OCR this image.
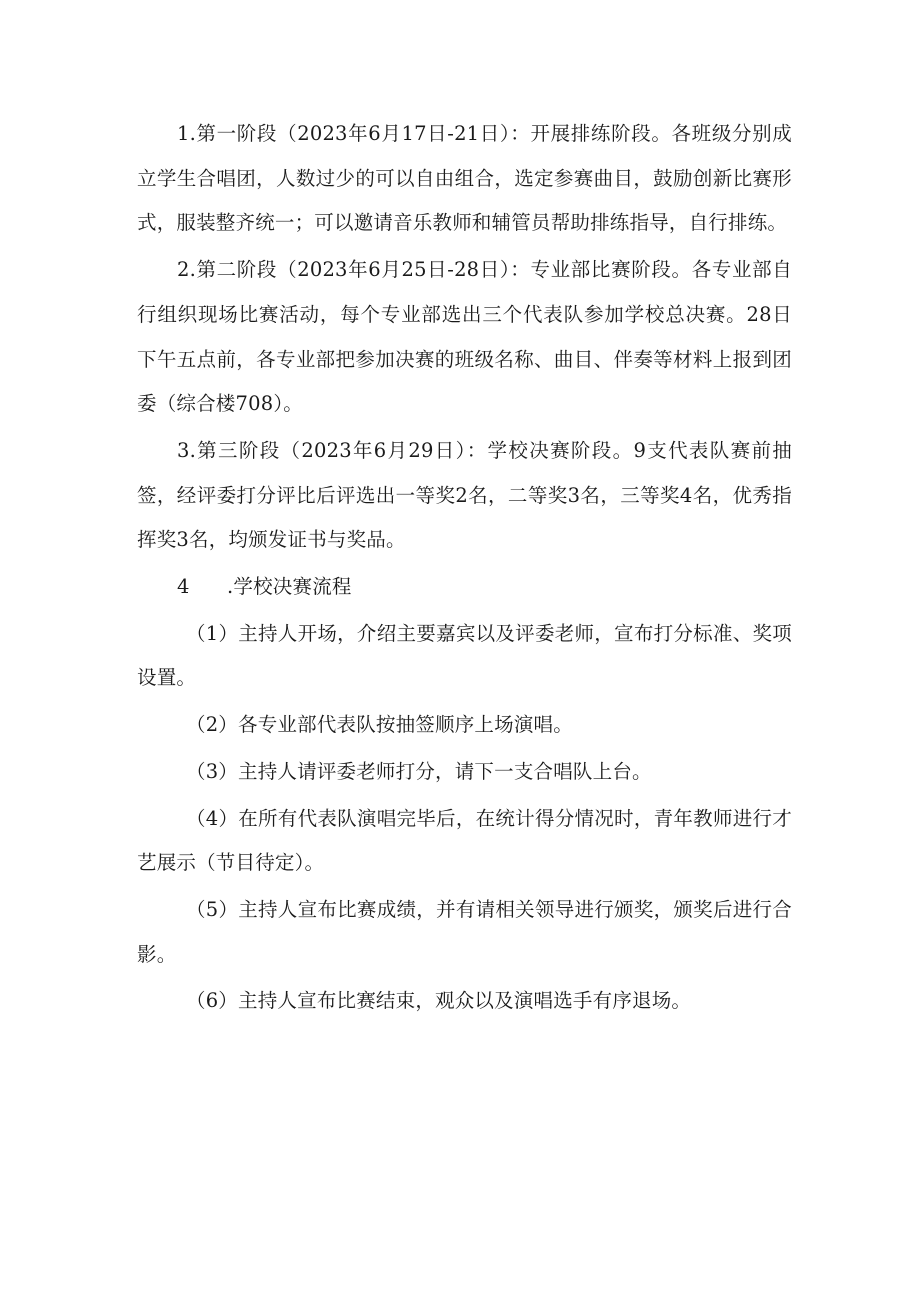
1.第一阶段（2023年6月17日-21日）：开展排练阶段。各班级分别成立学生合唱团，人数过少的可以自由组合，选定参赛曲目，鼓励创新比赛形式，服装整齐统一；可以邀请音乐教师和辅管员帮助排练指导，自行排练。

2.第二阶段（2023年6月25日-28日）：专业部比赛阶段。各专业部自行组织现场比赛活动，每个专业部选出三个代表队参加学校总决赛。28日下午五点前，各专业部把参加决赛的班级名称、曲目、伴奏等材料上报到团委（综合楼708）。

3.第三阶段（2023年6月29日）：学校决赛阶段。9支代表队赛前抽签，经评委打分评比后评选出一等奖2名，二等奖3名，三等奖4名，优秀指挥奖3名，均颁发证书与奖品。

4 .学校决赛流程

（1）主持人开场，介绍主要嘉宾以及评委老师，宣布打分标准、奖项设置。

（2）各专业部代表队按抽签顺序上场演唱。

（3）主持人请评委老师打分，请下一支合唱队上台。

（4）在所有代表队演唱完毕后，在统计得分情况时，青年教师进行才艺展示（节目待定）。

（5）主持人宣布比赛成绩，并有请相关领导进行颁奖，颁奖后进行合影。

（6）主持人宣布比赛结束，观众以及演唱选手有序退场。
